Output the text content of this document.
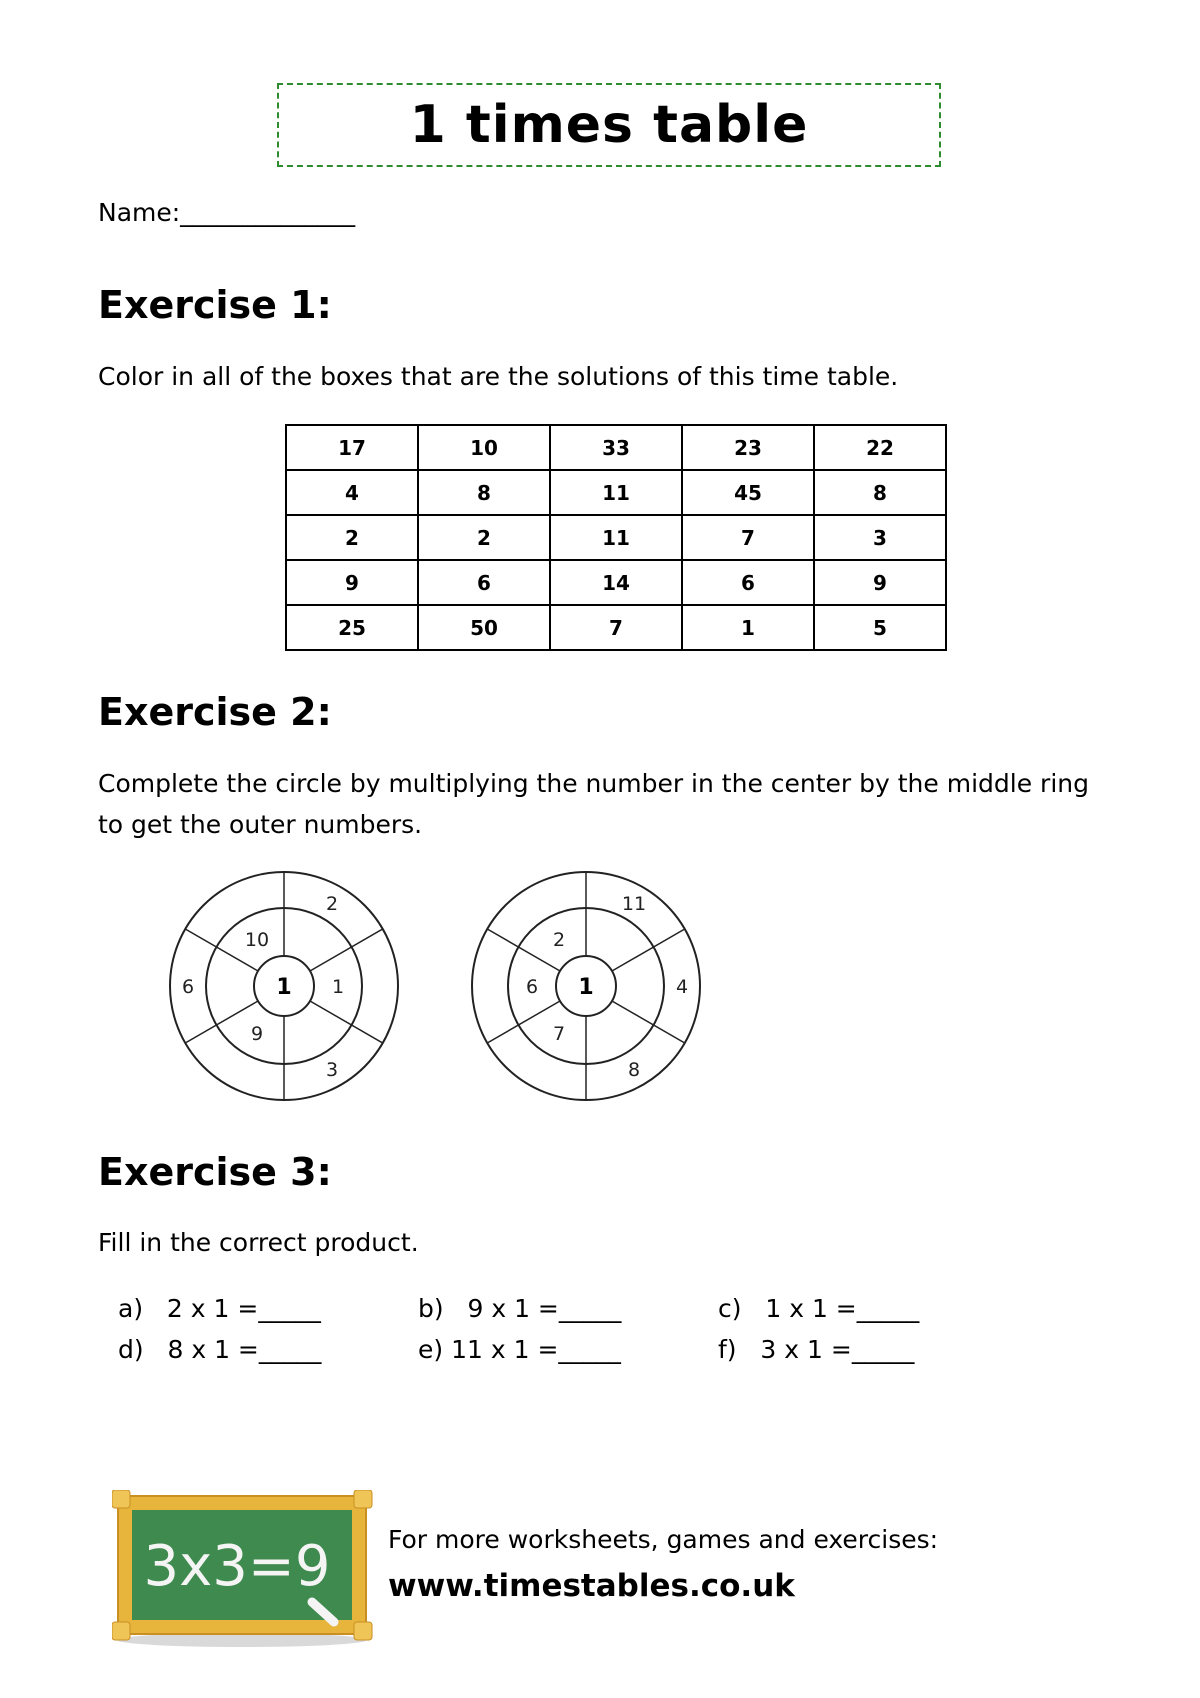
1 times table
Name:______________
Exercise 1:

Color in all of the boxes that are the solutions of this time table.

17	10	33	23	22
4	8	11	45	8
2	2	11	7	3
9	6	14	6	9
25	50	7	1	5
Exercise 2:

Complete the circle by multiplying the number in the center by the middle ring

to get the outer numbers.

1
2
1
3
9
6
10
1
11
4
8
7
6
2
Exercise 3:

Fill in the correct product.

a) 2 x 1 =_____	b) 9 x 1 =_____	c) 1 x 1 =_____
d) 8 x 1 =_____	e) 11 x 1 =_____	f) 3 x 1 =_____
3x3=9 For more worksheets, games and exercises:
www.timestables.co.uk
